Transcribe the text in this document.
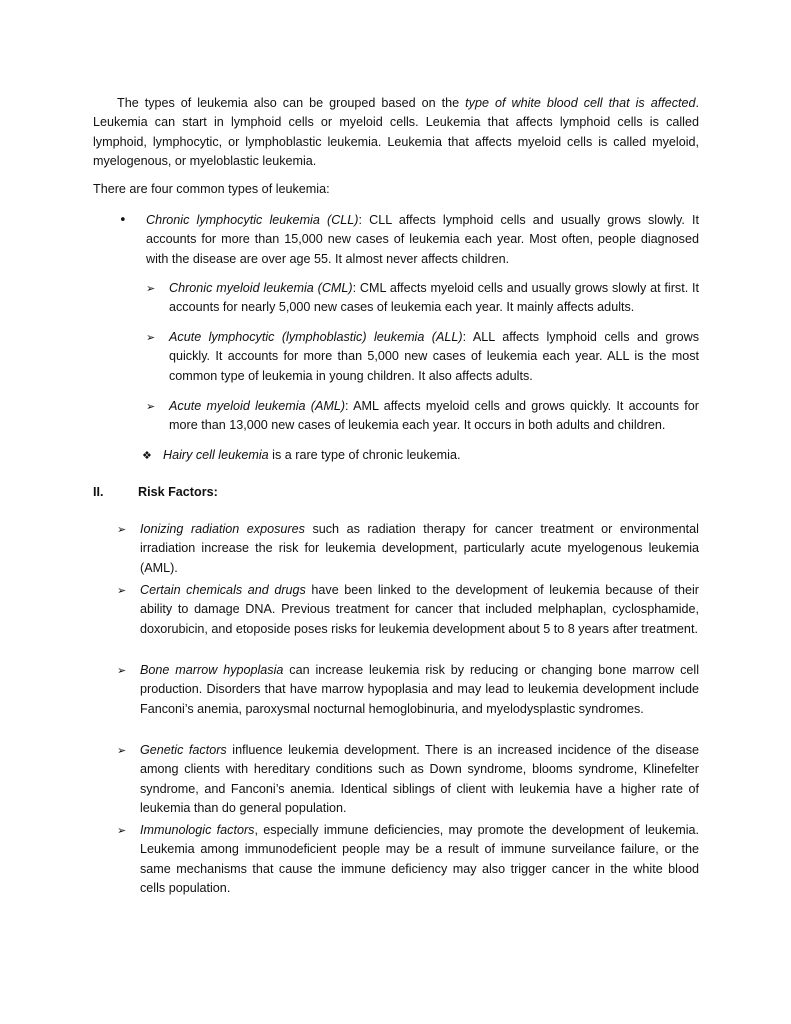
The types of leukemia also can be grouped based on the type of white blood cell that is affected. Leukemia can start in lymphoid cells or myeloid cells. Leukemia that affects lymphoid cells is called lymphoid, lymphocytic, or lymphoblastic leukemia. Leukemia that affects myeloid cells is called myeloid, myelogenous, or myeloblastic leukemia.
There are four common types of leukemia:
• Chronic lymphocytic leukemia (CLL): CLL affects lymphoid cells and usually grows slowly. It accounts for more than 15,000 new cases of leukemia each year. Most often, people diagnosed with the disease are over age 55. It almost never affects children.
➢ Chronic myeloid leukemia (CML): CML affects myeloid cells and usually grows slowly at first. It accounts for nearly 5,000 new cases of leukemia each year. It mainly affects adults.
➢ Acute lymphocytic (lymphoblastic) leukemia (ALL): ALL affects lymphoid cells and grows quickly. It accounts for more than 5,000 new cases of leukemia each year. ALL is the most common type of leukemia in young children. It also affects adults.
➢ Acute myeloid leukemia (AML): AML affects myeloid cells and grows quickly. It accounts for more than 13,000 new cases of leukemia each year. It occurs in both adults and children.
❖ Hairy cell leukemia is a rare type of chronic leukemia.
II.	Risk Factors:
➢ Ionizing radiation exposures such as radiation therapy for cancer treatment or environmental irradiation increase the risk for leukemia development, particularly acute myelogenous leukemia (AML).
➢ Certain chemicals and drugs have been linked to the development of leukemia because of their ability to damage DNA. Previous treatment for cancer that included melphaplan, cyclosphamide, doxorubicin, and etoposide poses risks for leukemia development about 5 to 8 years after treatment.
➢ Bone marrow hypoplasia can increase leukemia risk by reducing or changing bone marrow cell production. Disorders that have marrow hypoplasia and may lead to leukemia development include Fanconi’s anemia, paroxysmal nocturnal hemoglobinuria, and myelodysplastic syndromes.
➢ Genetic factors influence leukemia development. There is an increased incidence of the disease among clients with hereditary conditions such as Down syndrome, blooms syndrome, Klinefelter syndrome, and Fanconi’s anemia. Identical siblings of client with leukemia have a higher rate of leukemia than do general population.
➢ Immunologic factors, especially immune deficiencies, may promote the development of leukemia. Leukemia among immunodeficient people may be a result of immune surveilance failure, or the same mechanisms that cause the immune deficiency may also trigger cancer in the white blood cells population.
